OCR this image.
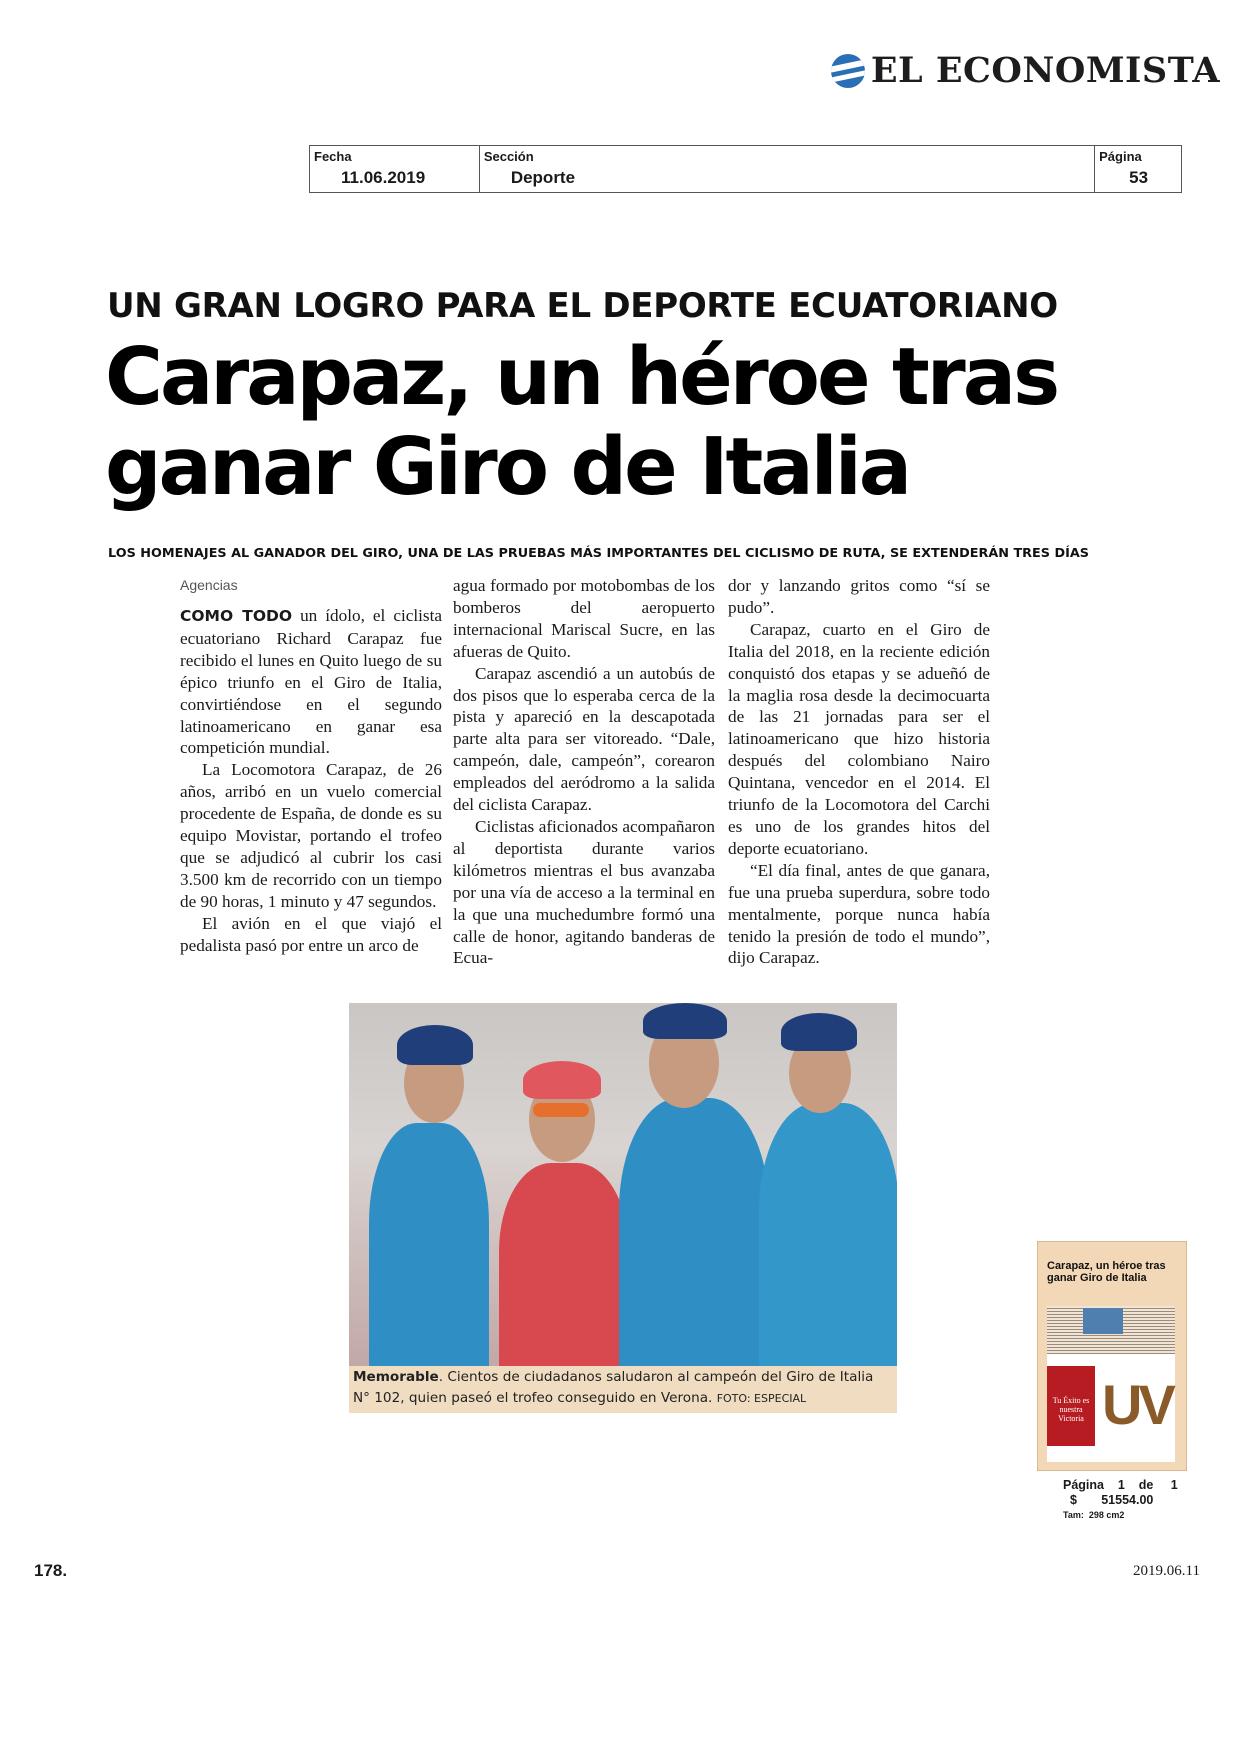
EL ECONOMISTA
Fecha
11.06.2019
Sección
Deporte
Página
53
UN GRAN LOGRO PARA EL DEPORTE ECUATORIANO
Carapaz, un héroe tras ganar Giro de Italia
LOS HOMENAJES AL GANADOR DEL GIRO, UNA DE LAS PRUEBAS MÁS IMPORTANTES DEL CICLISMO DE RUTA, SE EXTENDERÁN TRES DÍAS
Agencias

COMO TODO un ídolo, el ciclista ecuatoriano Richard Carapaz fue recibido el lunes en Quito luego de su épico triunfo en el Giro de Italia, convirtiéndose en el segundo latinoamericano en ganar esa competición mundial.

La Locomotora Carapaz, de 26 años, arribó en un vuelo comercial procedente de España, de donde es su equipo Movistar, portando el trofeo que se adjudicó al cubrir los casi 3.500 km de recorrido con un tiempo de 90 horas, 1 minuto y 47 segundos.

El avión en el que viajó el pedalista pasó por entre un arco de

agua formado por motobombas de los bomberos del aeropuerto internacional Mariscal Sucre, en las afueras de Quito.

Carapaz ascendió a un autobús de dos pisos que lo esperaba cerca de la pista y apareció en la descapotada parte alta para ser vitoreado. “Dale, campeón, dale, campeón”, corearon empleados del aeródromo a la salida del ciclista Carapaz.

Ciclistas aficionados acompañaron al deportista durante varios kilómetros mientras el bus avanzaba por una vía de acceso a la terminal en la que una muchedumbre formó una calle de honor, agitando banderas de Ecua-

dor y lanzando gritos como “sí se pudo”.

Carapaz, cuarto en el Giro de Italia del 2018, en la reciente edición conquistó dos etapas y se adueñó de la maglia rosa desde la decimocuarta de las 21 jornadas para ser el latinoamericano que hizo historia después del colombiano Nairo Quintana, vencedor en el 2014. El triunfo de la Locomotora del Carchi es uno de los grandes hitos del deporte ecuatoriano.

“El día final, antes de que ganara, fue una prueba superdura, sobre todo mentalmente, porque nunca había tenido la presión de todo el mundo”, dijo Carapaz.

Memorable. Cientos de ciudadanos saludaron al campeón del Giro de Italia N° 102, quien paseó el trofeo conseguido en Verona. FOTO: ESPECIAL
Carapaz, un héroe tras ganar Giro de Italia
Tu Éxito es nuestra Victoria UV
Página 1 de 1
$ 51554.00
Tam:  298 cm2
178.	2019.06.11
